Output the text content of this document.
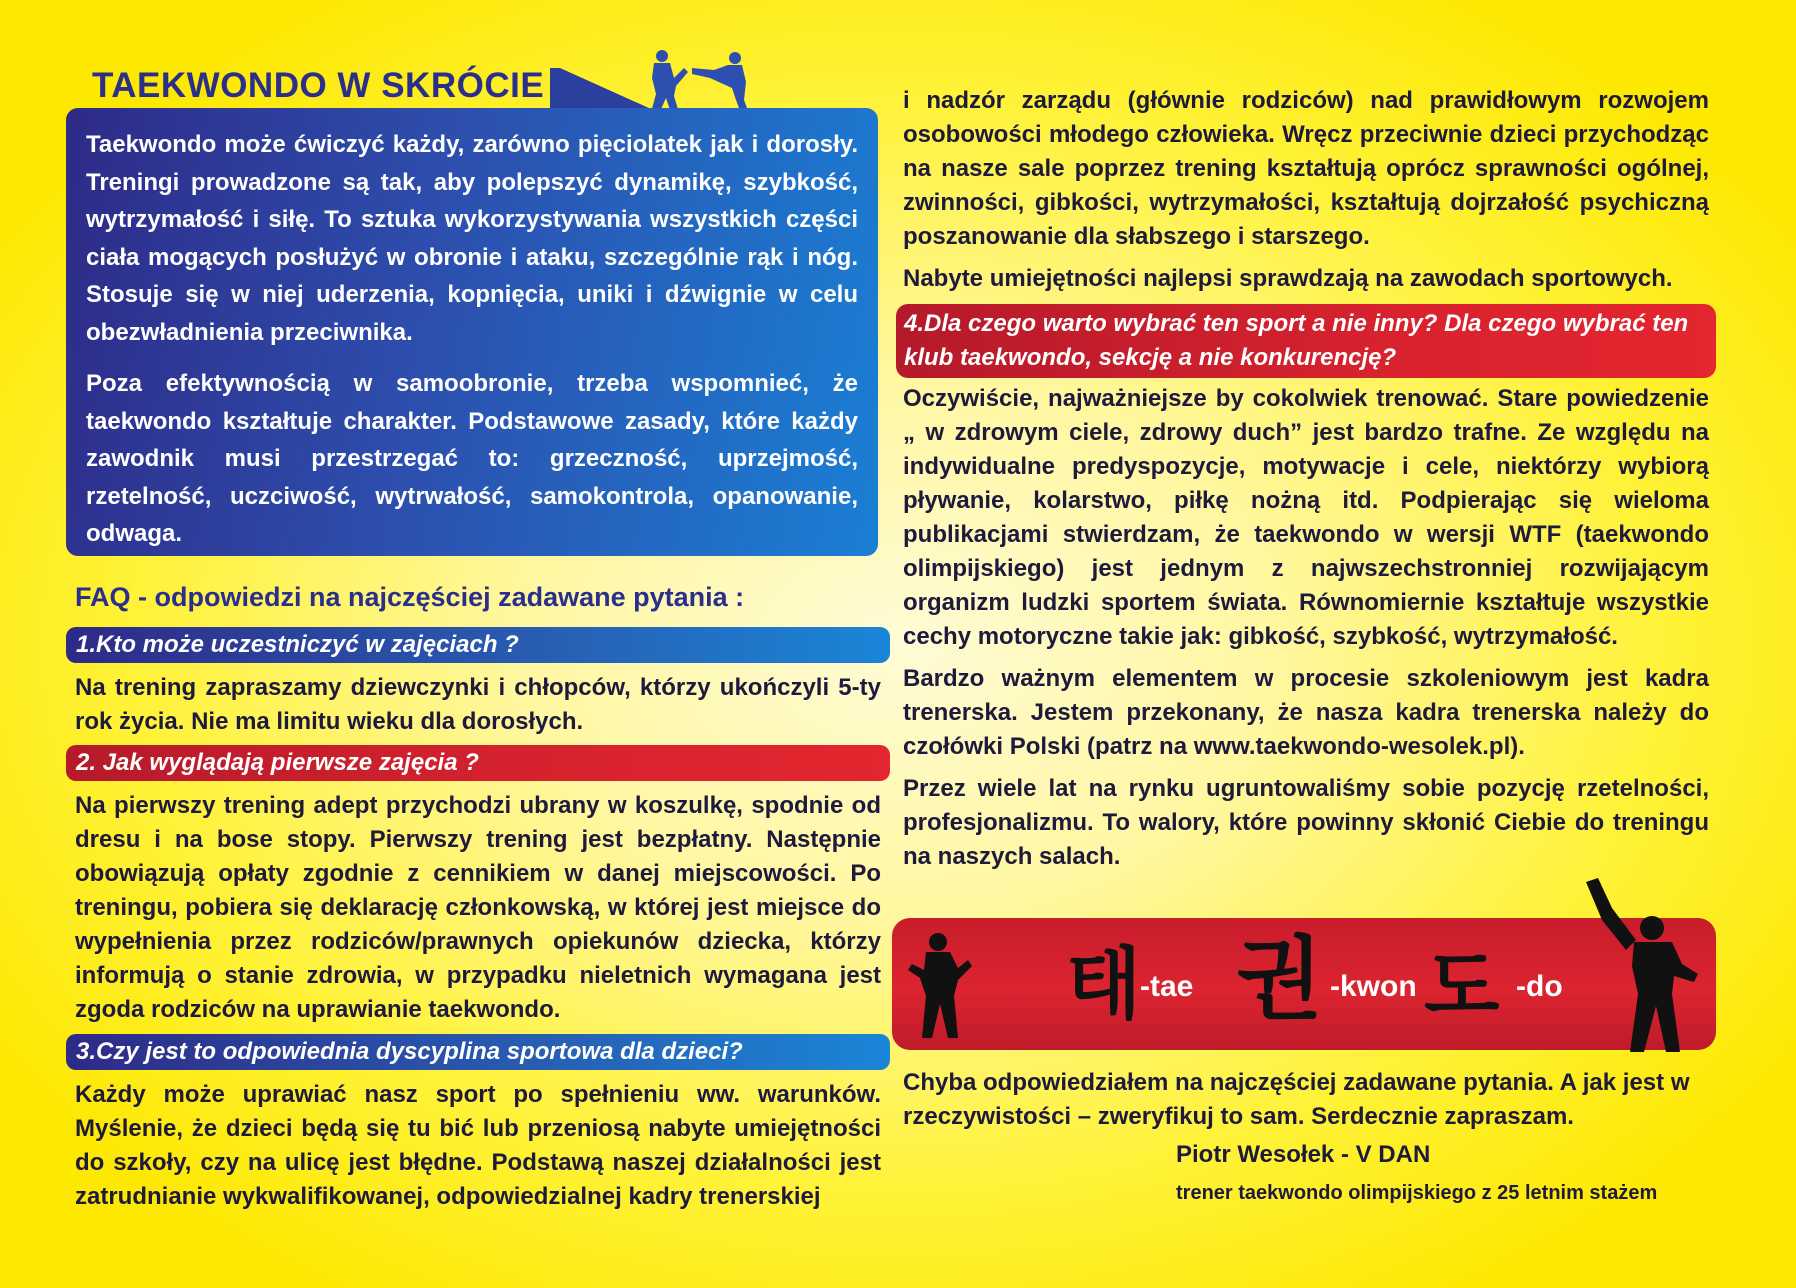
TAEKWONDO W SKRÓCIE

Taekwondo może ćwiczyć każdy, zarówno pięciolatek jak i dorosły. Treningi prowadzone są tak, aby polepszyć dynamikę, szybkość, wytrzymałość i siłę. To sztuka wykorzystywania wszystkich części ciała mogących posłużyć w obronie i ataku, szczególnie rąk i nóg. Stosuje się w niej uderzenia, kopnięcia, uniki i dźwignie w celu obezwładnienia przeciwnika.

Poza efektywnością w samoobronie, trzeba wspomnieć, że taekwondo kształtuje charakter. Podstawowe zasady, które każdy zawodnik musi przestrzegać to: grzeczność, uprzejmość, rzetelność, uczciwość, wytrwałość, samokontrola, opanowanie, odwaga.

FAQ - odpowiedzi na najczęściej zadawane pytania :
1.Kto może uczestniczyć w zajęciach ?

Na trening zapraszamy dziewczynki i chłopców, którzy ukończyli 5-ty rok życia. Nie ma limitu wieku dla dorosłych.

2. Jak wyglądają pierwsze zajęcia ?

Na pierwszy trening adept przychodzi ubrany w koszulkę, spodnie od dresu i na bose stopy. Pierwszy trening jest bezpłatny. Następnie obowiązują opłaty zgodnie z cennikiem w danej miejscowości. Po treningu, pobiera się deklarację członkowską, w której jest miejsce do wypełnienia przez rodziców/prawnych opiekunów dziecka, którzy informują o stanie zdrowia, w przypadku nieletnich wymagana jest zgoda rodziców na uprawianie taekwondo.

3.Czy jest to odpowiednia dyscyplina sportowa dla dzieci?

Każdy może uprawiać nasz sport po spełnieniu ww. warunków. Myślenie, że dzieci będą się tu bić lub przeniosą nabyte umiejętności do szkoły, czy na ulicę jest błędne. Podstawą naszej działalności jest zatrudnianie wykwalifikowanej, odpowiedzialnej kadry trenerskiej

i nadzór zarządu (głównie rodziców) nad prawidłowym rozwojem osobowości młodego człowieka. Wręcz przeciwnie dzieci przychodząc na nasze sale poprzez trening kształtują oprócz sprawności ogólnej, zwinności, gibkości, wytrzymałości, kształtują dojrzałość psychiczną poszanowanie dla słabszego i starszego.

Nabyte umiejętności najlepsi sprawdzają na zawodach sportowych.

4.Dla czego warto wybrać ten sport a nie inny? Dla czego wybrać ten klub taekwondo, sekcję a nie konkurencję?

Oczywiście, najważniejsze by cokolwiek trenować. Stare powiedzenie „ w zdrowym ciele, zdrowy duch” jest bardzo trafne. Ze względu na indywidualne predyspozycje, motywacje i cele, niektórzy wybiorą pływanie, kolarstwo, piłkę nożną itd. Podpierając się wieloma publikacjami stwierdzam, że taekwondo w wersji WTF (taekwondo olimpijskiego) jest jednym z najwszechstronniej rozwijającym organizm ludzki sportem świata. Równomiernie kształtuje wszystkie cechy motoryczne takie jak: gibkość, szybkość, wytrzymałość.

Bardzo ważnym elementem w procesie szkoleniowym jest kadra trenerska. Jestem przekonany, że nasza kadra trenerska należy do czołówki Polski (patrz na www.taekwondo-wesolek.pl).

Przez wiele lat na rynku ugruntowaliśmy sobie pozycję rzetelności, profesjonalizmu. To walory, które powinny skłonić Ciebie do treningu na naszych salach.

태
-tae 권 -kwon 도 -do
Chyba odpowiedziałem na najczęściej zadawane pytania. A jak jest w rzeczywistości – zweryfikuj to sam. Serdecznie zapraszam.
Piotr Wesołek - V DAN
trener taekwondo olimpijskiego z 25 letnim stażem
